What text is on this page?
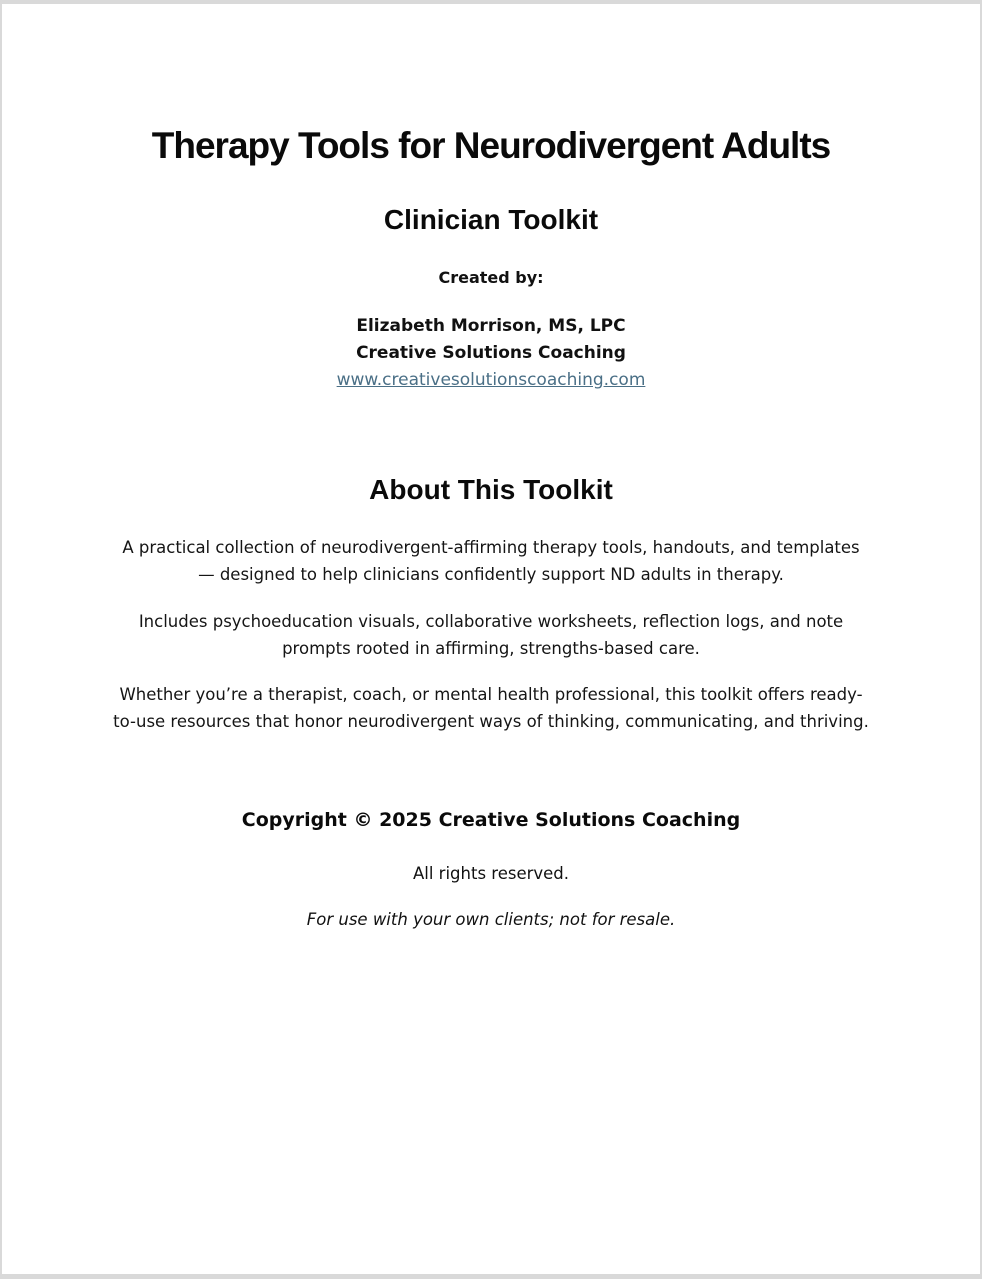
Therapy Tools for Neurodivergent Adults
Clinician Toolkit

Created by:

Elizabeth Morrison, MS, LPC

Creative Solutions Coaching

www.creativesolutionscoaching.com
About This Toolkit

A practical collection of neurodivergent-affirming therapy tools, handouts, and templates — designed to help clinicians confidently support ND adults in therapy.

Includes psychoeducation visuals, collaborative worksheets, reflection logs, and note prompts rooted in affirming, strengths-based care.

Whether you’re a therapist, coach, or mental health professional, this toolkit offers ready-to-use resources that honor neurodivergent ways of thinking, communicating, and thriving.

Copyright © 2025 Creative Solutions Coaching

All rights reserved.

For use with your own clients; not for resale.
